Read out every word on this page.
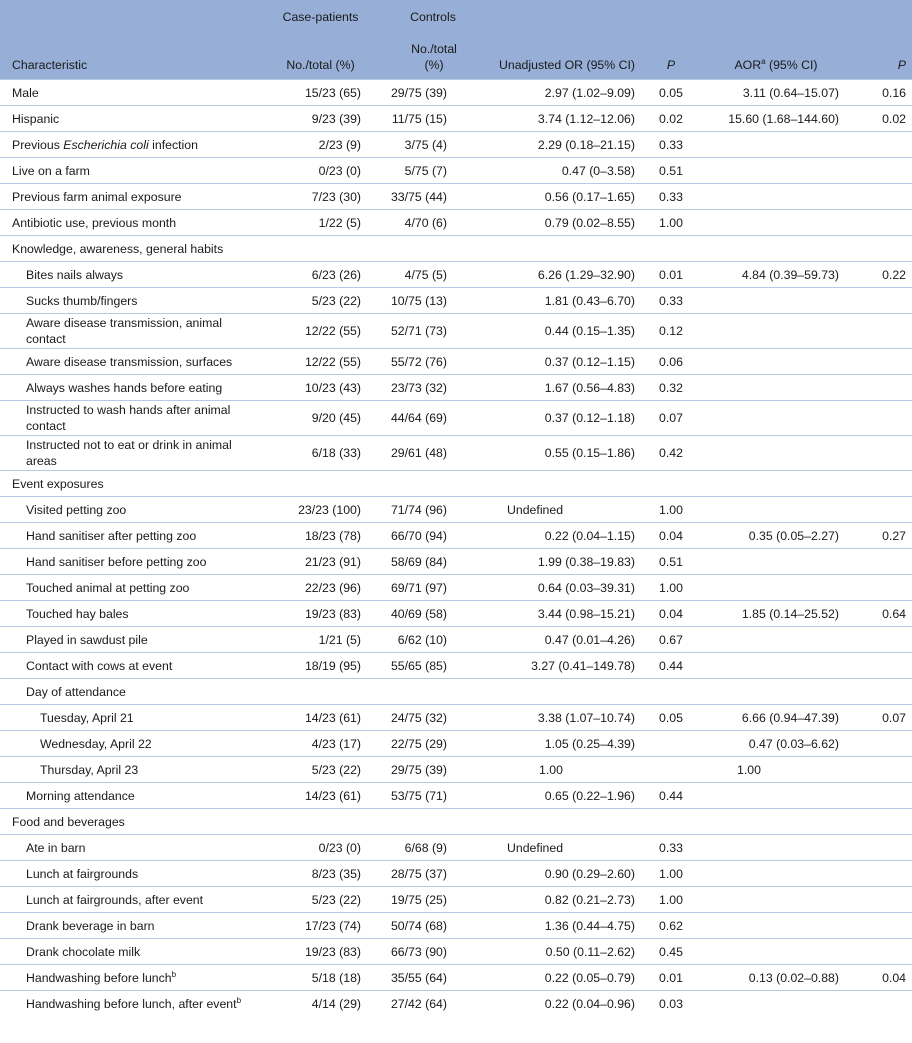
	Case-patients	Controls				
Characteristic	No./total (%)	No./total (%)	Unadjusted OR (95% CI)	P	AOR$^a$ (95% CI)	P
Male	15/23 (65)	29/75 (39)	2.97 (1.02–9.09)	0.05	3.11 (0.64–15.07)	0.16
Hispanic	9/23 (39)	11/75 (15)	3.74 (1.12–12.06)	0.02	15.60 (1.68–144.60)	0.02
Previous Escherichia coli infection	2/23 (9)	3/75 (4)	2.29 (0.18–21.15)	0.33		
Live on a farm	0/23 (0)	5/75 (7)	0.47 (0–3.58)	0.51		
Previous farm animal exposure	7/23 (30)	33/75 (44)	0.56 (0.17–1.65)	0.33		
Antibiotic use, previous month	1/22 (5)	4/70 (6)	0.79 (0.02–8.55)	1.00		
Knowledge, awareness, general habits						
Bites nails always	6/23 (26)	4/75 (5)	6.26 (1.29–32.90)	0.01	4.84 (0.39–59.73)	0.22
Sucks thumb/fingers	5/23 (22)	10/75 (13)	1.81 (0.43–6.70)	0.33		
Aware disease transmission, animal contact	12/22 (55)	52/71 (73)	0.44 (0.15–1.35)	0.12		
Aware disease transmission, surfaces	12/22 (55)	55/72 (76)	0.37 (0.12–1.15)	0.06		
Always washes hands before eating	10/23 (43)	23/73 (32)	1.67 (0.56–4.83)	0.32		
Instructed to wash hands after animal contact	9/20 (45)	44/64 (69)	0.37 (0.12–1.18)	0.07		
Instructed not to eat or drink in animal areas	6/18 (33)	29/61 (48)	0.55 (0.15–1.86)	0.42		
Event exposures						
Visited petting zoo	23/23 (100)	71/74 (96)	Undefined	1.00		
Hand sanitiser after petting zoo	18/23 (78)	66/70 (94)	0.22 (0.04–1.15)	0.04	0.35 (0.05–2.27)	0.27
Hand sanitiser before petting zoo	21/23 (91)	58/69 (84)	1.99 (0.38–19.83)	0.51		
Touched animal at petting zoo	22/23 (96)	69/71 (97)	0.64 (0.03–39.31)	1.00		
Touched hay bales	19/23 (83)	40/69 (58)	3.44 (0.98–15.21)	0.04	1.85 (0.14–25.52)	0.64
Played in sawdust pile	1/21 (5)	6/62 (10)	0.47 (0.01–4.26)	0.67		
Contact with cows at event	18/19 (95)	55/65 (85)	3.27 (0.41–149.78)	0.44		
Day of attendance						
Tuesday, April 21	14/23 (61)	24/75 (32)	3.38 (1.07–10.74)	0.05	6.66 (0.94–47.39)	0.07
Wednesday, April 22	4/23 (17)	22/75 (29)	1.05 (0.25–4.39)		0.47 (0.03–6.62)	
Thursday, April 23	5/23 (22)	29/75 (39)	1.00		1.00	
Morning attendance	14/23 (61)	53/75 (71)	0.65 (0.22–1.96)	0.44		
Food and beverages						
Ate in barn	0/23 (0)	6/68 (9)	Undefined	0.33		
Lunch at fairgrounds	8/23 (35)	28/75 (37)	0.90 (0.29–2.60)	1.00		
Lunch at fairgrounds, after event	5/23 (22)	19/75 (25)	0.82 (0.21–2.73)	1.00		
Drank beverage in barn	17/23 (74)	50/74 (68)	1.36 (0.44–4.75)	0.62		
Drank chocolate milk	19/23 (83)	66/73 (90)	0.50 (0.11–2.62)	0.45		
Handwashing before lunch$^b$	5/18 (18)	35/55 (64)	0.22 (0.05–0.79)	0.01	0.13 (0.02–0.88)	0.04
Handwashing before lunch, after event$^b$	4/14 (29)	27/42 (64)	0.22 (0.04–0.96)	0.03		
